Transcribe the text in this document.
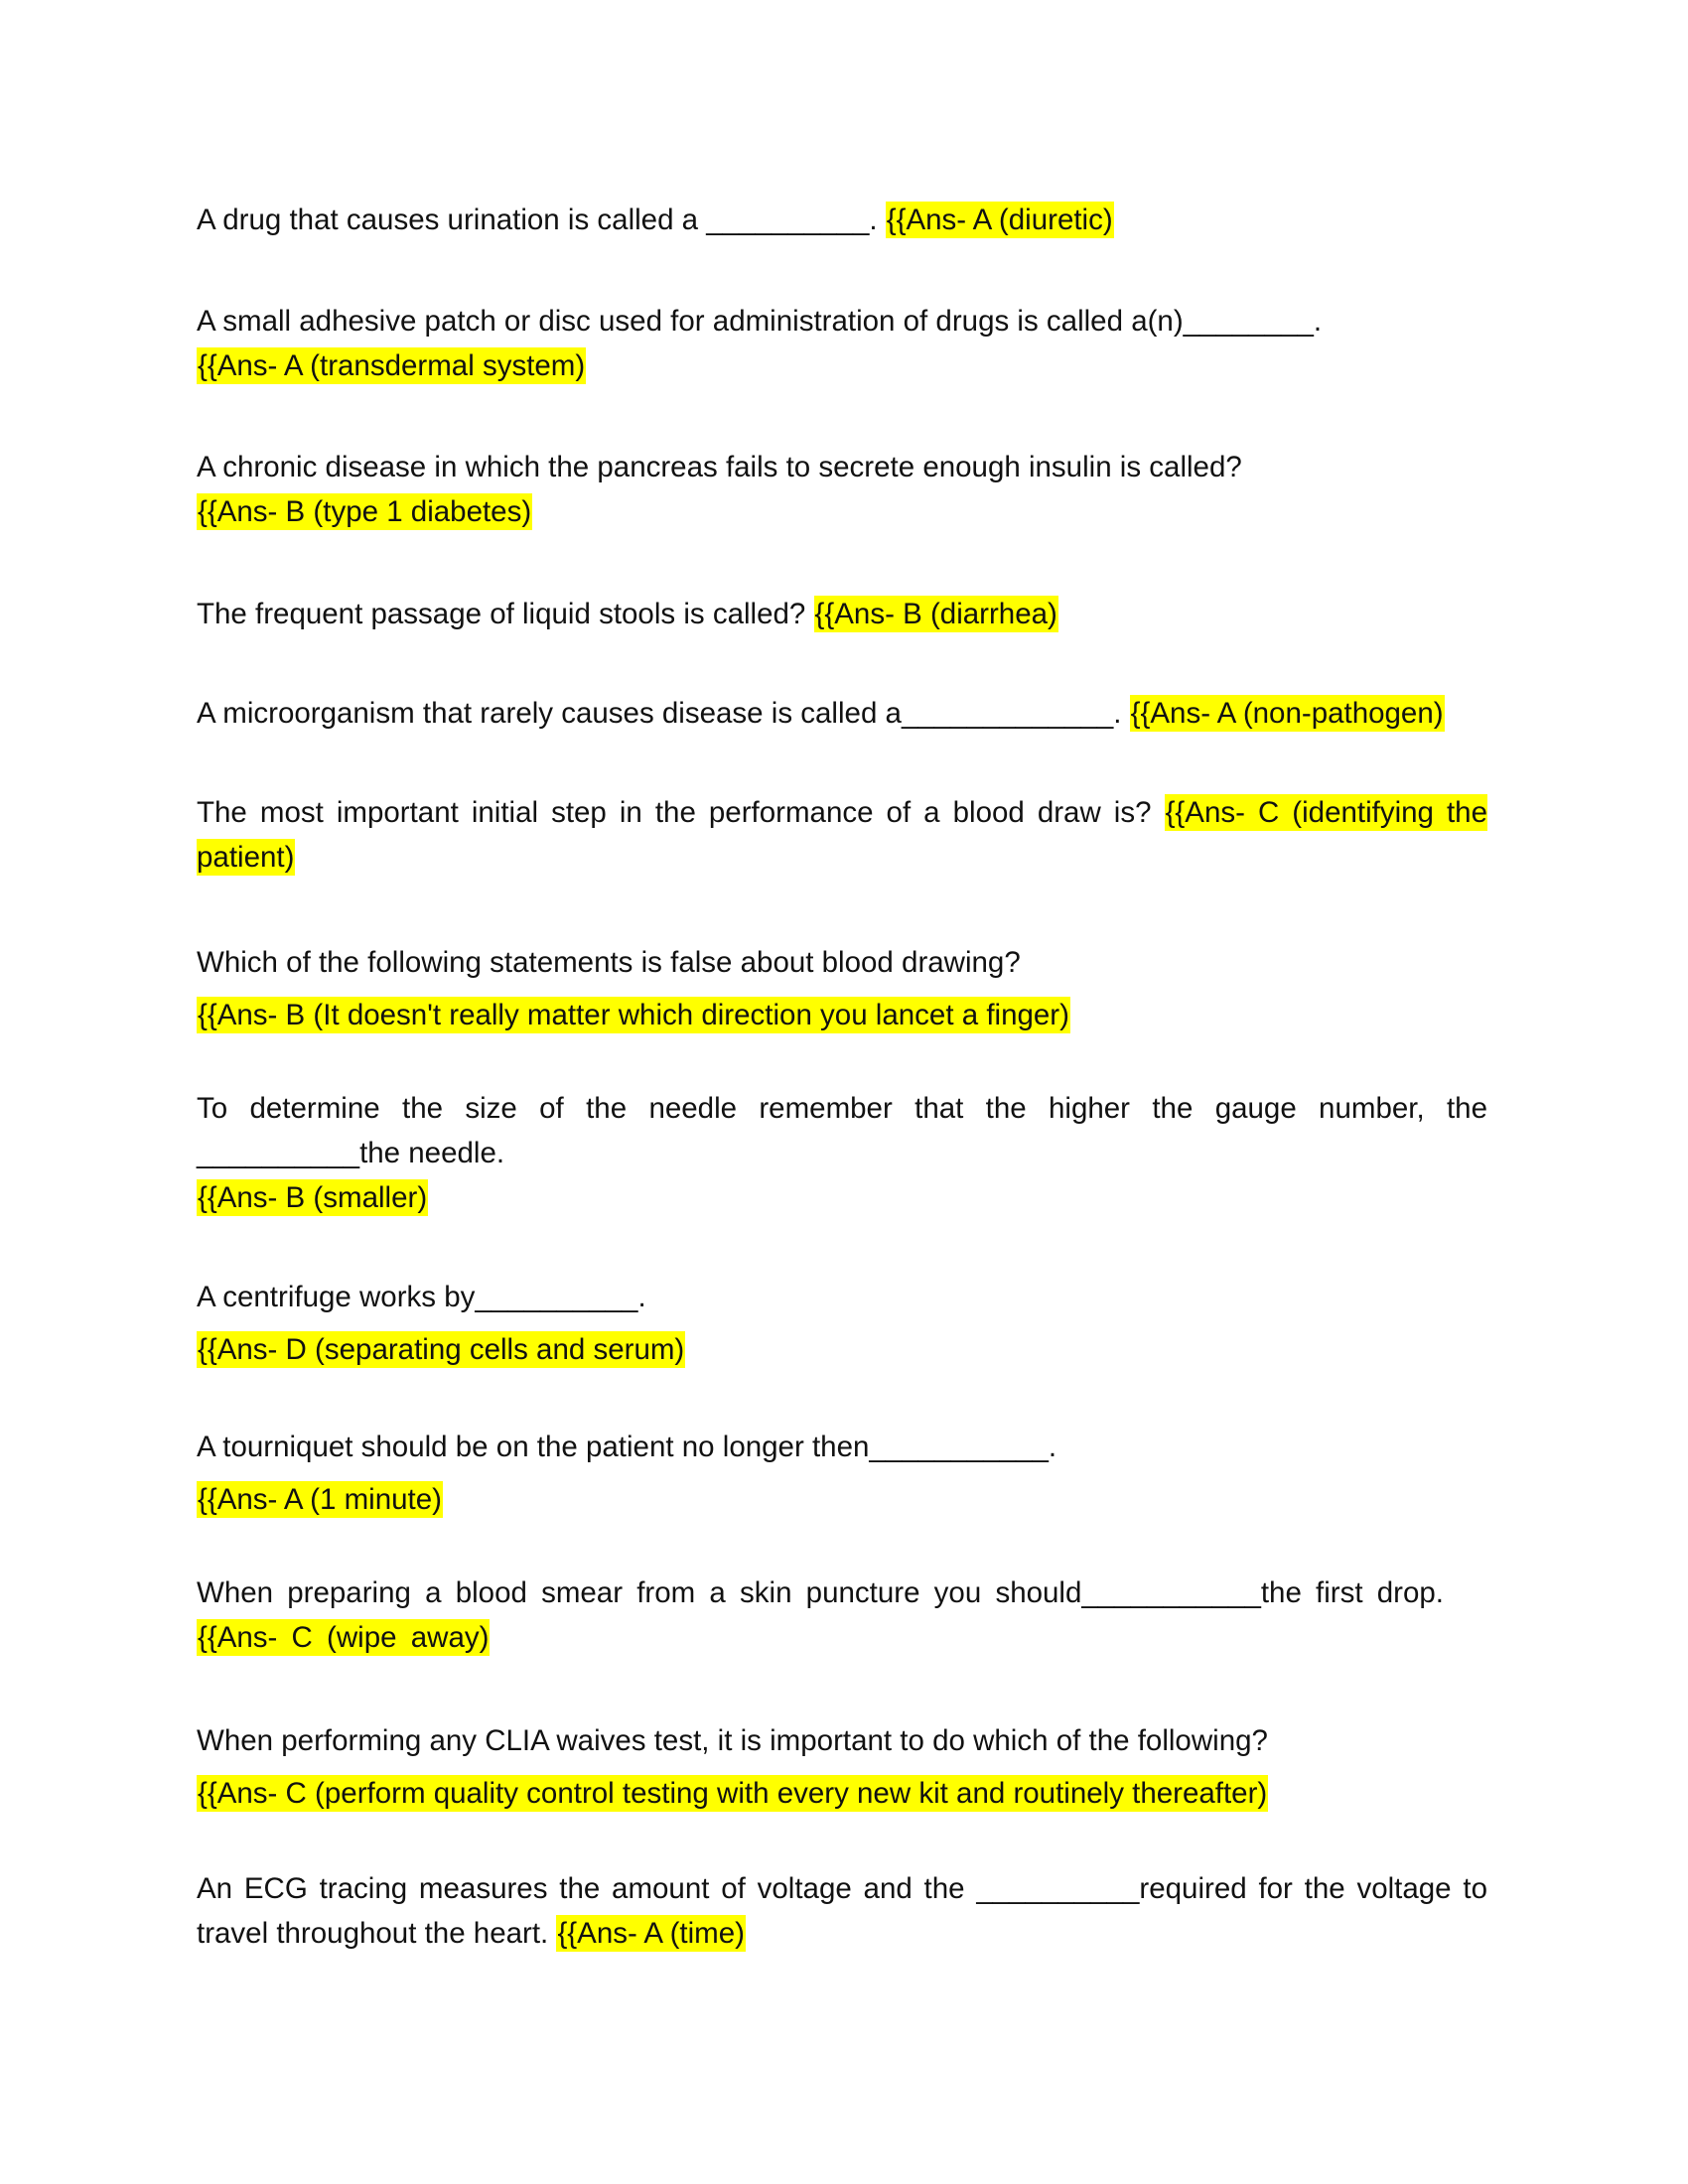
A drug that causes urination is called a __________. {{Ans- A (diuretic)

A small adhesive patch or disc used for administration of drugs is called a(n)________.
{{Ans- A (transdermal system)

A chronic disease in which the pancreas fails to secrete enough insulin is called?
{{Ans- B (type 1 diabetes)

The frequent passage of liquid stools is called? {{Ans- B (diarrhea)

A microorganism that rarely causes disease is called a_____________. {{Ans- A (non-pathogen)

The most important initial step in the performance of a blood draw is? {{Ans- C (identifying the patient)

Which of the following statements is false about blood drawing?
{{Ans- B (It doesn't really matter which direction you lancet a finger)

To determine the size of the needle remember that the higher the gauge number, the __________the needle.
{{Ans- B (smaller)

A centrifuge works by__________.
{{Ans- D (separating cells and serum)

A tourniquet should be on the patient no longer then___________.
{{Ans- A (1 minute)

When preparing a blood smear from a skin puncture you should___________the first drop.
{{Ans- C (wipe away)

When performing any CLIA waives test, it is important to do which of the following?
{{Ans- C (perform quality control testing with every new kit and routinely thereafter)

An ECG tracing measures the amount of voltage and the __________required for the voltage to travel throughout the heart. {{Ans- A (time)
